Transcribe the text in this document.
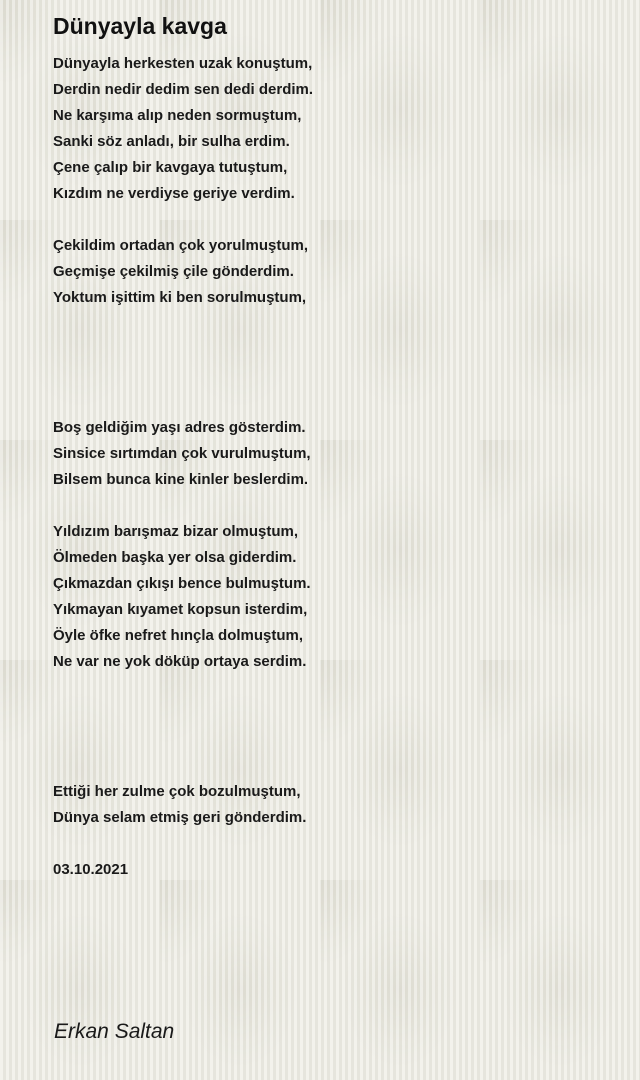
Dünyayla kavga
Dünyayla herkesten uzak konuştum,
Derdin nedir dedim sen dedi derdim.
Ne karşıma alıp neden sormuştum,
Sanki söz anladı, bir sulha erdim.
Çene çalıp bir kavgaya tutuştum,
Kızdım ne verdiyse geriye verdim.
Çekildim ortadan çok yorulmuştum,
Geçmişe çekilmiş çile gönderdim.
Yoktum işittim ki ben sorulmuştum,
Boş geldiğim yaşı adres gösterdim.
Sinsice sırtımdan çok vurulmuştum,
Bilsem bunca kine kinler beslerdim.
Yıldızım barışmaz bizar olmuştum,
Ölmeden başka yer olsa giderdim.
Çıkmazdan çıkışı bence bulmuştum.
Yıkmayan kıyamet kopsun isterdim,
Öyle öfke nefret hınçla dolmuştum,
Ne var ne yok döküp ortaya serdim.
Ettiği her zulme çok bozulmuştum,
Dünya selam etmiş geri gönderdim.
03.10.2021
Erkan Saltan
